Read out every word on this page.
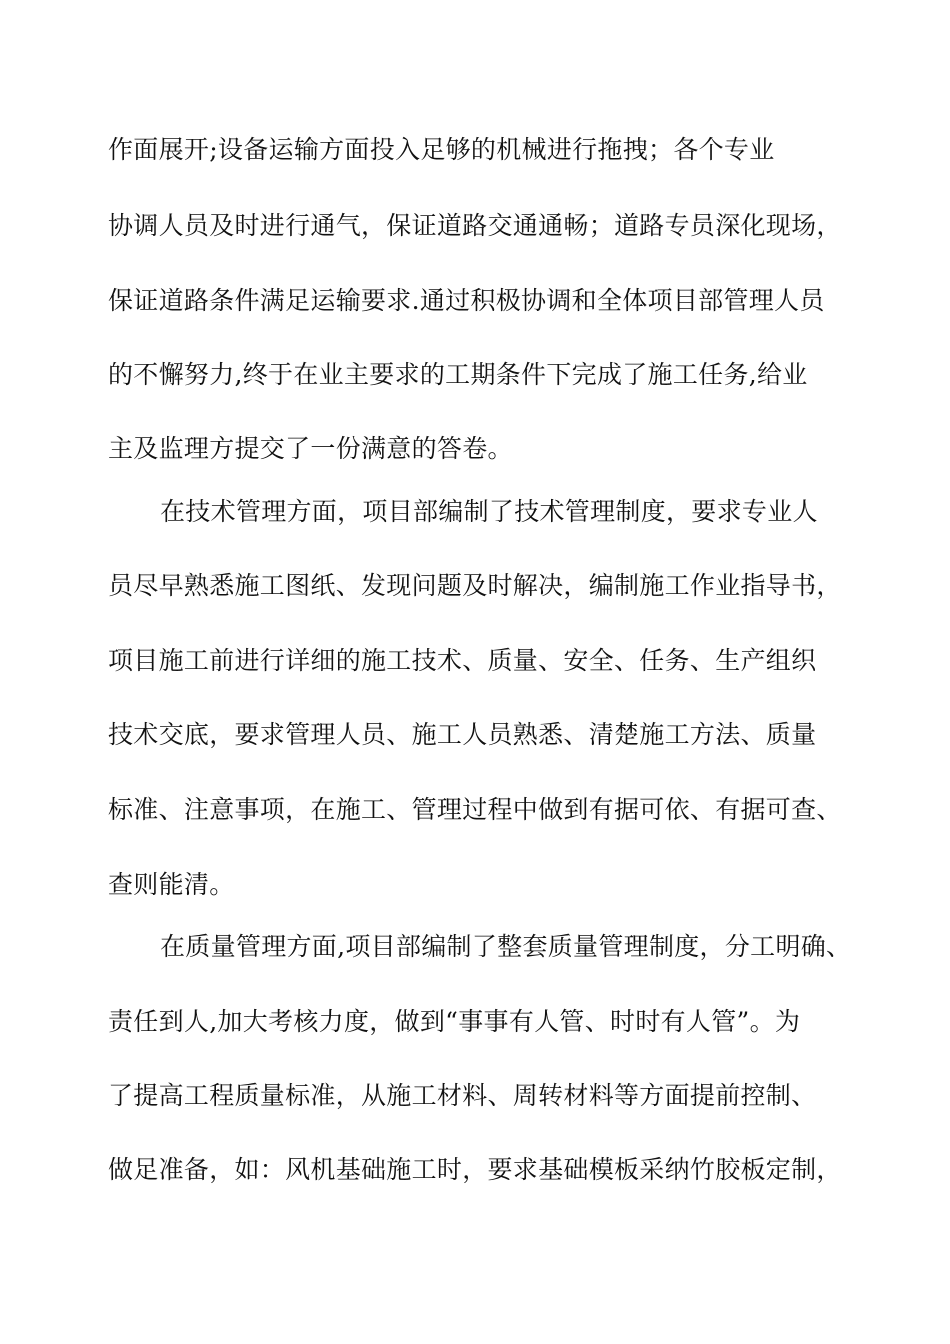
作面展开;设备运输方面投入足够的机械进行拖拽；各个专业
协调人员及时进行通气，保证道路交通通畅；道路专员深化现场，
保证道路条件满足运输要求.通过积极协调和全体项目部管理人员
的不懈努力,终于在业主要求的工期条件下完成了施工任务,给业
主及监理方提交了一份满意的答卷。
在技术管理方面，项目部编制了技术管理制度，要求专业人
员尽早熟悉施工图纸、发现问题及时解决，编制施工作业指导书，
项目施工前进行详细的施工技术、质量、安全、任务、生产组织
技术交底，要求管理人员、施工人员熟悉、清楚施工方法、质量
标准、注意事项，在施工、管理过程中做到有据可依、有据可查、
查则能清。
在质量管理方面,项目部编制了整套质量管理制度，分工明确、
责任到人,加大考核力度，做到“事事有人管、时时有人管”。为
了提高工程质量标准，从施工材料、周转材料等方面提前控制、
做足准备，如：风机基础施工时，要求基础模板采纳竹胶板定制，
